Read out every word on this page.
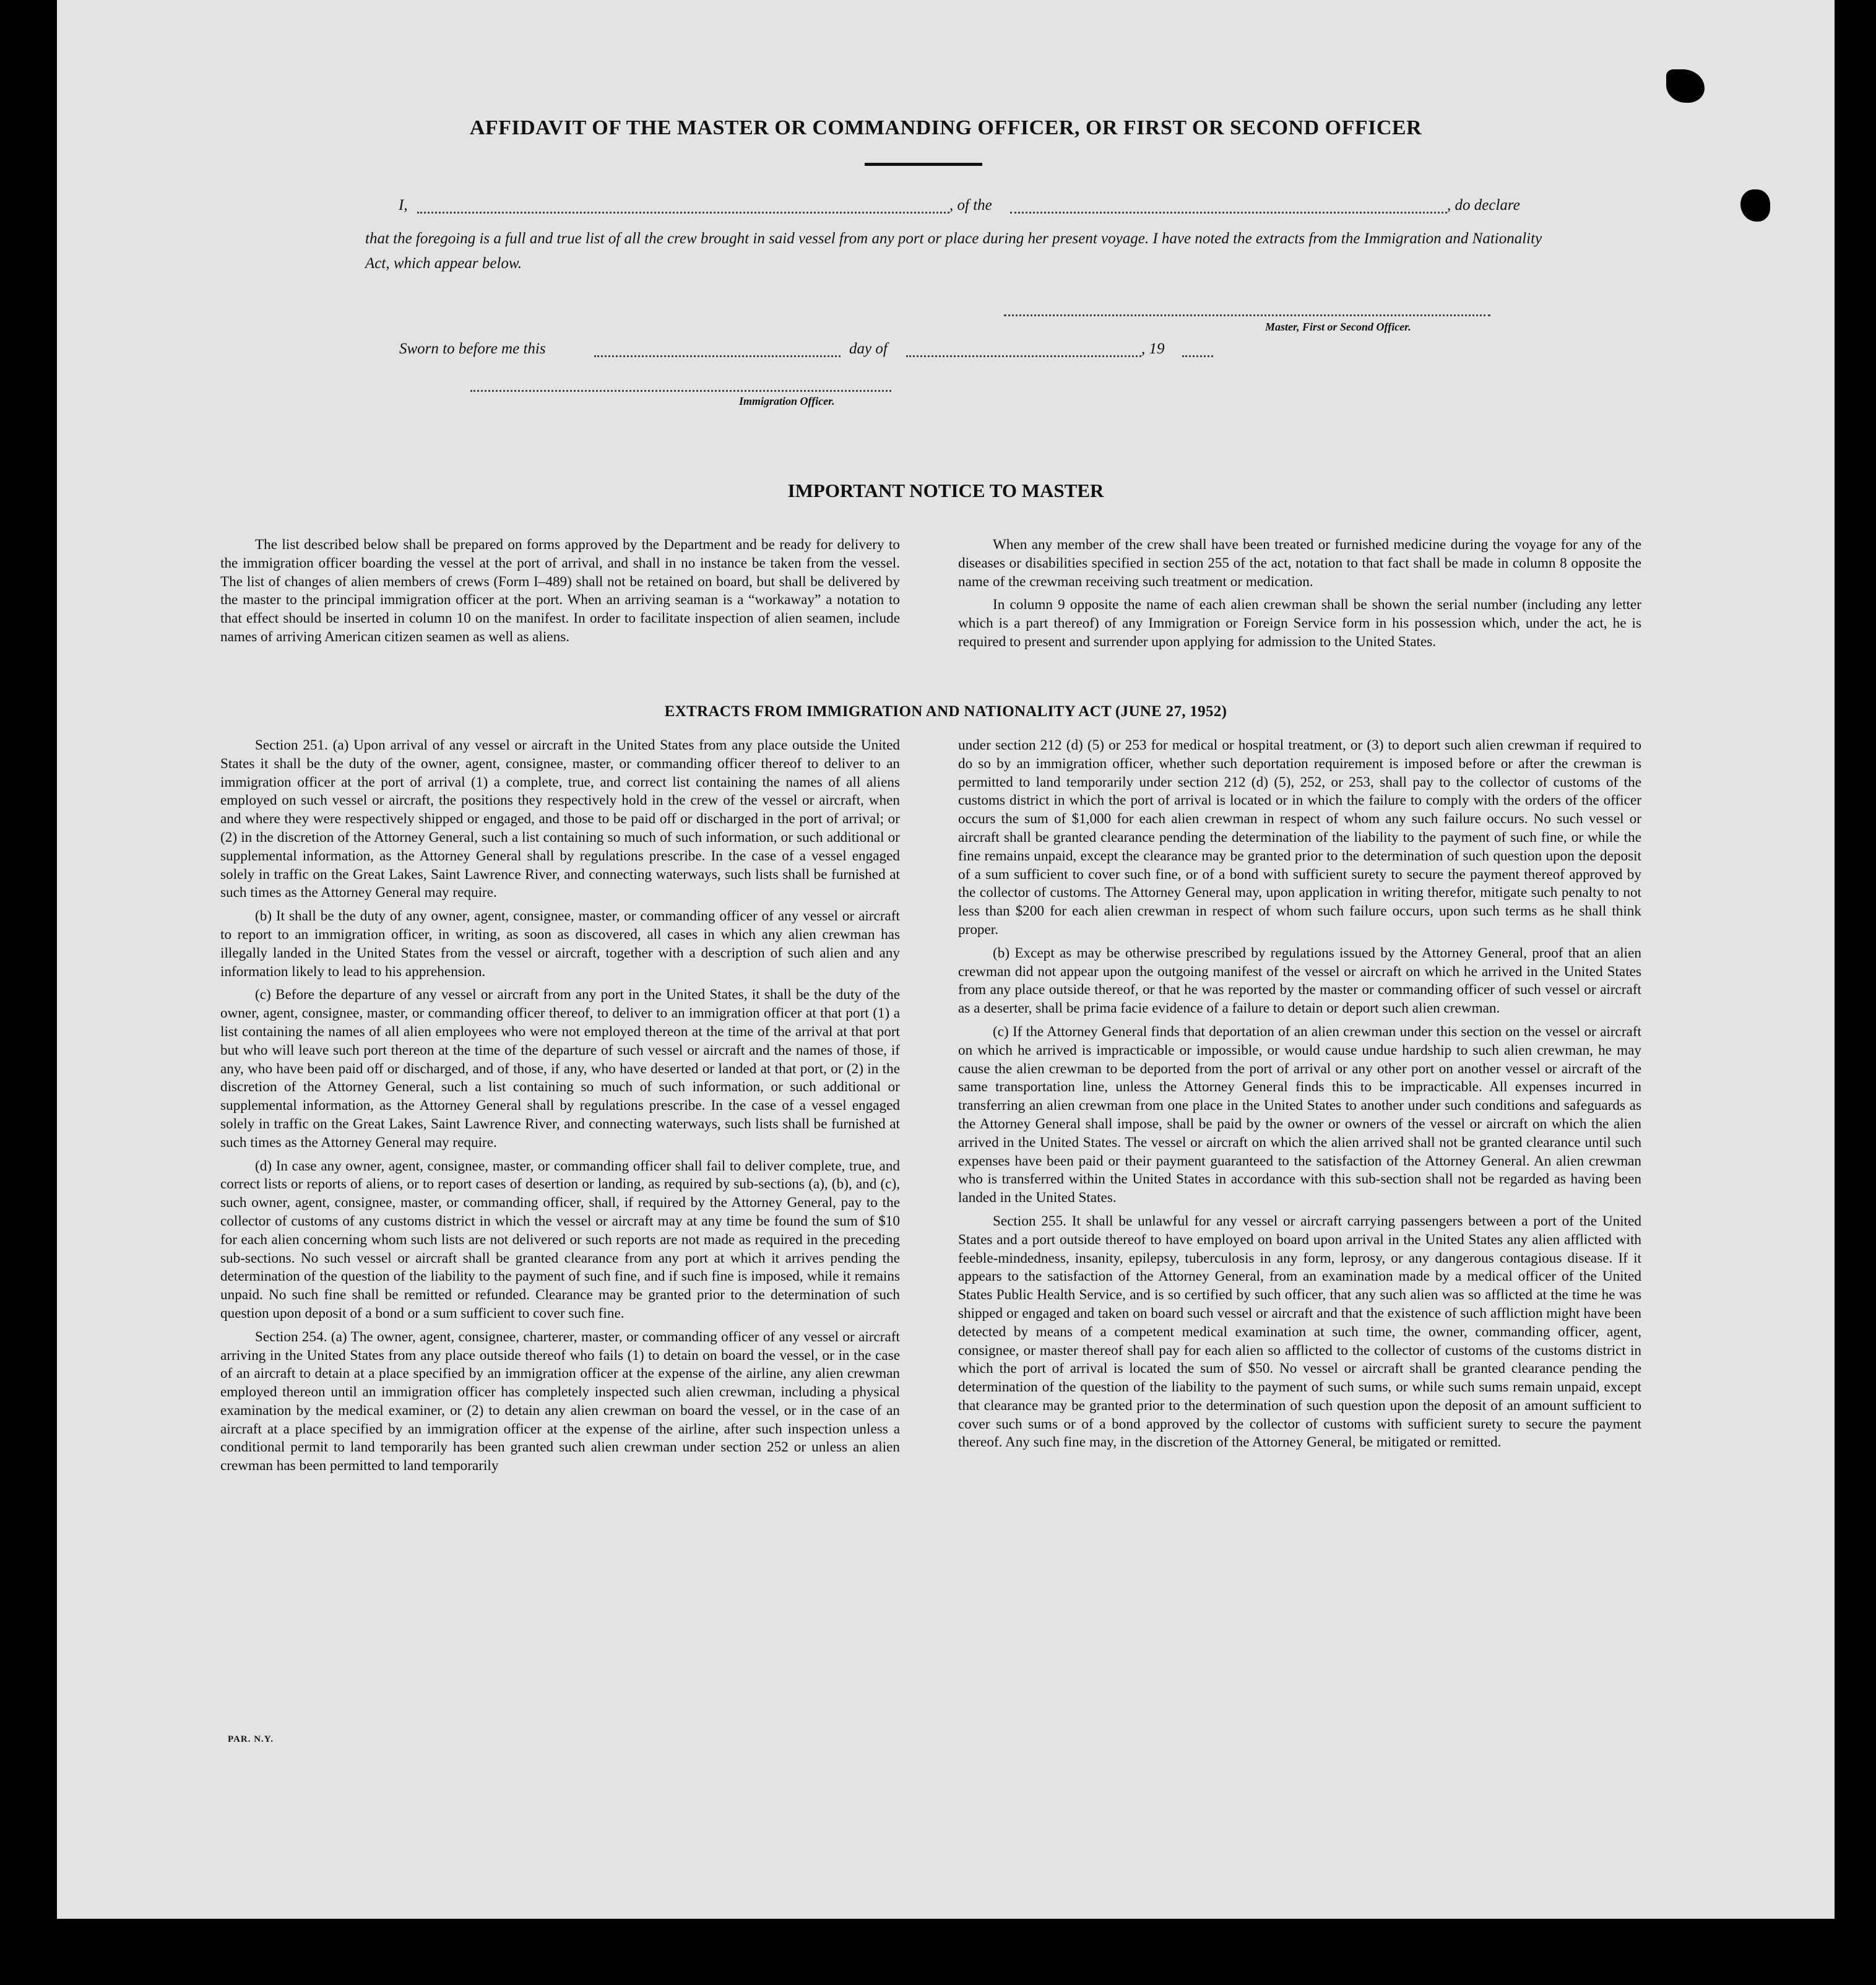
AFFIDAVIT OF THE MASTER OR COMMANDING OFFICER, OR FIRST OR SECOND OFFICER
I,	, of the	, do declare
that the foregoing is a full and true list of all the crew brought in said vessel from any port or place during her present voyage. I have noted the extracts from the Immigration and Nationality Act, which appear below.
Master, First or Second Officer.
Sworn to before me this	day of	, 19
Immigration Officer.
IMPORTANT NOTICE TO MASTER

The list described below shall be prepared on forms approved by the Department and be ready for delivery to the immigration officer boarding the vessel at the port of arrival, and shall in no instance be taken from the vessel. The list of changes of alien members of crews (Form I–489) shall not be retained on board, but shall be delivered by the master to the principal immigration officer at the port. When an arriving seaman is a “workaway” a notation to that effect should be inserted in column 10 on the manifest. In order to facilitate inspection of alien seamen, include names of arriving American citizen seamen as well as aliens.

When any member of the crew shall have been treated or furnished medicine during the voyage for any of the diseases or disabilities specified in section 255 of the act, notation to that fact shall be made in column 8 opposite the name of the crewman receiving such treatment or medication.

In column 9 opposite the name of each alien crewman shall be shown the serial number (including any letter which is a part thereof) of any Immigration or Foreign Service form in his possession which, under the act, he is required to present and surrender upon applying for admission to the United States.

EXTRACTS FROM IMMIGRATION AND NATIONALITY ACT (JUNE 27, 1952)

Section 251. (a) Upon arrival of any vessel or aircraft in the United States from any place outside the United States it shall be the duty of the owner, agent, consignee, master, or commanding officer thereof to deliver to an immigration officer at the port of arrival (1) a complete, true, and correct list containing the names of all aliens employed on such vessel or aircraft, the positions they respectively hold in the crew of the vessel or aircraft, when and where they were respectively shipped or engaged, and those to be paid off or discharged in the port of arrival; or (2) in the discretion of the Attorney General, such a list containing so much of such information, or such additional or supplemental information, as the Attorney General shall by regulations prescribe. In the case of a vessel engaged solely in traffic on the Great Lakes, Saint Lawrence River, and connecting waterways, such lists shall be furnished at such times as the Attorney General may require.

(b) It shall be the duty of any owner, agent, consignee, master, or commanding officer of any vessel or aircraft to report to an immigration officer, in writing, as soon as discovered, all cases in which any alien crewman has illegally landed in the United States from the vessel or aircraft, together with a description of such alien and any information likely to lead to his apprehension.

(c) Before the departure of any vessel or aircraft from any port in the United States, it shall be the duty of the owner, agent, consignee, master, or commanding officer thereof, to deliver to an immigration officer at that port (1) a list containing the names of all alien employees who were not employed thereon at the time of the arrival at that port but who will leave such port thereon at the time of the departure of such vessel or aircraft and the names of those, if any, who have been paid off or discharged, and of those, if any, who have deserted or landed at that port, or (2) in the discretion of the Attorney General, such a list containing so much of such information, or such additional or supplemental information, as the Attorney General shall by regulations prescribe. In the case of a vessel engaged solely in traffic on the Great Lakes, Saint Lawrence River, and connecting waterways, such lists shall be furnished at such times as the Attorney General may require.

(d) In case any owner, agent, consignee, master, or commanding officer shall fail to deliver complete, true, and correct lists or reports of aliens, or to report cases of desertion or landing, as required by sub-sections (a), (b), and (c), such owner, agent, consignee, master, or commanding officer, shall, if required by the Attorney General, pay to the collector of customs of any customs district in which the vessel or aircraft may at any time be found the sum of $10 for each alien concerning whom such lists are not delivered or such reports are not made as required in the preceding sub-sections. No such vessel or aircraft shall be granted clearance from any port at which it arrives pending the determination of the question of the liability to the payment of such fine, and if such fine is imposed, while it remains unpaid. No such fine shall be remitted or refunded. Clearance may be granted prior to the determination of such question upon deposit of a bond or a sum sufficient to cover such fine.

Section 254. (a) The owner, agent, consignee, charterer, master, or commanding officer of any vessel or aircraft arriving in the United States from any place outside thereof who fails (1) to detain on board the vessel, or in the case of an aircraft to detain at a place specified by an immigration officer at the expense of the airline, any alien crewman employed thereon until an immigration officer has completely inspected such alien crewman, including a physical examination by the medical examiner, or (2) to detain any alien crewman on board the vessel, or in the case of an aircraft at a place specified by an immigration officer at the expense of the airline, after such inspection unless a conditional permit to land temporarily has been granted such alien crewman under section 252 or unless an alien crewman has been permitted to land temporarily

under section 212 (d) (5) or 253 for medical or hospital treatment, or (3) to deport such alien crewman if required to do so by an immigration officer, whether such deportation requirement is imposed before or after the crewman is permitted to land temporarily under section 212 (d) (5), 252, or 253, shall pay to the collector of customs of the customs district in which the port of arrival is located or in which the failure to comply with the orders of the officer occurs the sum of $1,000 for each alien crewman in respect of whom any such failure occurs. No such vessel or aircraft shall be granted clearance pending the determination of the liability to the payment of such fine, or while the fine remains unpaid, except the clearance may be granted prior to the determination of such question upon the deposit of a sum sufficient to cover such fine, or of a bond with sufficient surety to secure the payment thereof approved by the collector of customs. The Attorney General may, upon application in writing therefor, mitigate such penalty to not less than $200 for each alien crewman in respect of whom such failure occurs, upon such terms as he shall think proper.

(b) Except as may be otherwise prescribed by regulations issued by the Attorney General, proof that an alien crewman did not appear upon the outgoing manifest of the vessel or aircraft on which he arrived in the United States from any place outside thereof, or that he was reported by the master or commanding officer of such vessel or aircraft as a deserter, shall be prima facie evidence of a failure to detain or deport such alien crewman.

(c) If the Attorney General finds that deportation of an alien crewman under this section on the vessel or aircraft on which he arrived is impracticable or impossible, or would cause undue hardship to such alien crewman, he may cause the alien crewman to be deported from the port of arrival or any other port on another vessel or aircraft of the same transportation line, unless the Attorney General finds this to be impracticable. All expenses incurred in transferring an alien crewman from one place in the United States to another under such conditions and safeguards as the Attorney General shall impose, shall be paid by the owner or owners of the vessel or aircraft on which the alien arrived in the United States. The vessel or aircraft on which the alien arrived shall not be granted clearance until such expenses have been paid or their payment guaranteed to the satisfaction of the Attorney General. An alien crewman who is transferred within the United States in accordance with this sub-section shall not be regarded as having been landed in the United States.

Section 255. It shall be unlawful for any vessel or aircraft carrying passengers between a port of the United States and a port outside thereof to have employed on board upon arrival in the United States any alien afflicted with feeble-mindedness, insanity, epilepsy, tuberculosis in any form, leprosy, or any dangerous contagious disease. If it appears to the satisfaction of the Attorney General, from an examination made by a medical officer of the United States Public Health Service, and is so certified by such officer, that any such alien was so afflicted at the time he was shipped or engaged and taken on board such vessel or aircraft and that the existence of such affliction might have been detected by means of a competent medical examination at such time, the owner, commanding officer, agent, consignee, or master thereof shall pay for each alien so afflicted to the collector of customs of the customs district in which the port of arrival is located the sum of $50. No vessel or aircraft shall be granted clearance pending the determination of the question of the liability to the payment of such sums, or while such sums remain unpaid, except that clearance may be granted prior to the determination of such question upon the deposit of an amount sufficient to cover such sums or of a bond approved by the collector of customs with sufficient surety to secure the payment thereof. Any such fine may, in the discretion of the Attorney General, be mitigated or remitted.

PAR. N.Y.
